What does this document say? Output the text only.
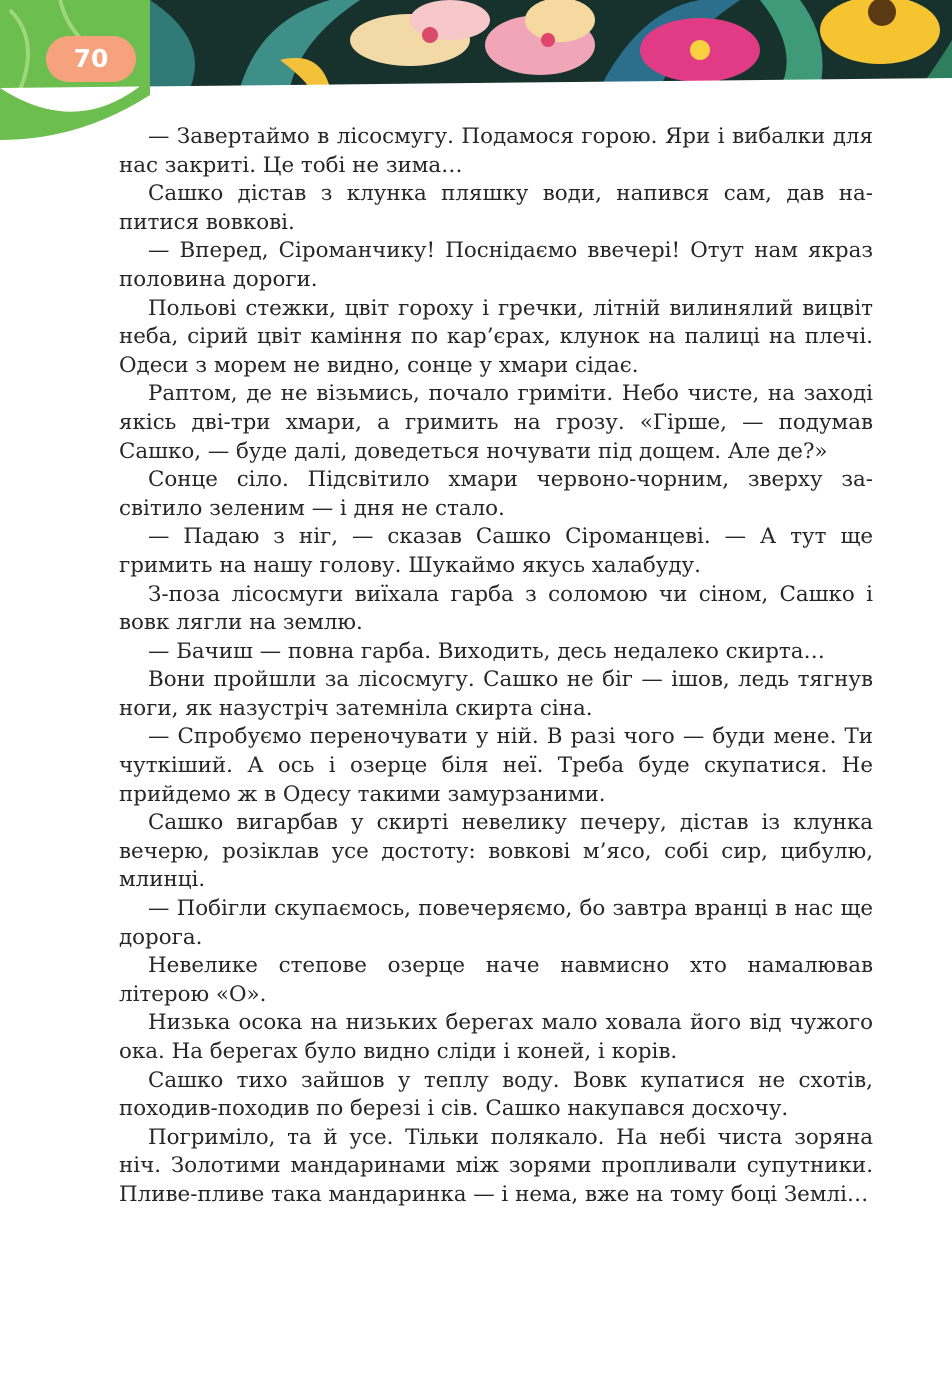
70

— Завертаймо в лісосмугу. Подамося горою. Яри і вибалки для нас закриті. Це тобі не зима…

Сашко дістав з клунка пляшку води, напився сам, дав напитися вовкові.

— Вперед, Сіроманчику! Поснідаємо ввечері! Отут нам якраз половина дороги.

Польові стежки, цвіт гороху і гречки, літній вилинялий вицвіт неба, сірий цвіт каміння по кар’єрах, клунок на палиці на плечі. Одеси з морем не видно, сонце у хмари сідає.

Раптом, де не візьмись, почало гриміти. Небо чисте, на заході якісь дві-три хмари, а гримить на грозу. «Гірше, — подумав Сашко, — буде далі, доведеться ночувати під дощем. Але де?»

Сонце сіло. Підсвітило хмари червоно-чорним, зверху засвітило зеленим — і дня не стало.

— Падаю з ніг, — сказав Сашко Сіроманцеві. — А тут ще гримить на нашу голову. Шукаймо якусь халабуду.

З-поза лісосмуги виїхала гарба з соломою чи сіном, Сашко і вовк лягли на землю.

— Бачиш — повна гарба. Виходить, десь недалеко скирта…

Вони пройшли за лісосмугу. Сашко не біг — ішов, ледь тягнув ноги, як назустріч затемніла скирта сіна.

— Спробуємо переночувати у ній. В разі чого — буди мене. Ти чуткіший. А ось і озерце біля неї. Треба буде скупатися. Не прийдемо ж в Одесу такими замурзаними.

Сашко вигарбав у скирті невелику печеру, дістав із клунка вечерю, розіклав усе достоту: вовкові м’ясо, собі сир, цибулю, млинці.

— Побігли скупаємось, повечеряємо, бо завтра вранці в нас ще дорога.

Невелике степове озерце наче навмисно хто намалював літерою «О».

Низька осока на низьких берегах мало ховала його від чужого ока. На берегах було видно сліди і коней, і корів.

Сашко тихо зайшов у теплу воду. Вовк купатися не схотів, походив-походив по березі і сів. Сашко накупався досхочу.

Погриміло, та й усе. Тільки полякало. На небі чиста зоряна ніч. Золотими мандаринами між зорями пропливали супутники. Пливе-пливе така мандаринка — і нема, вже на тому боці Землі…
